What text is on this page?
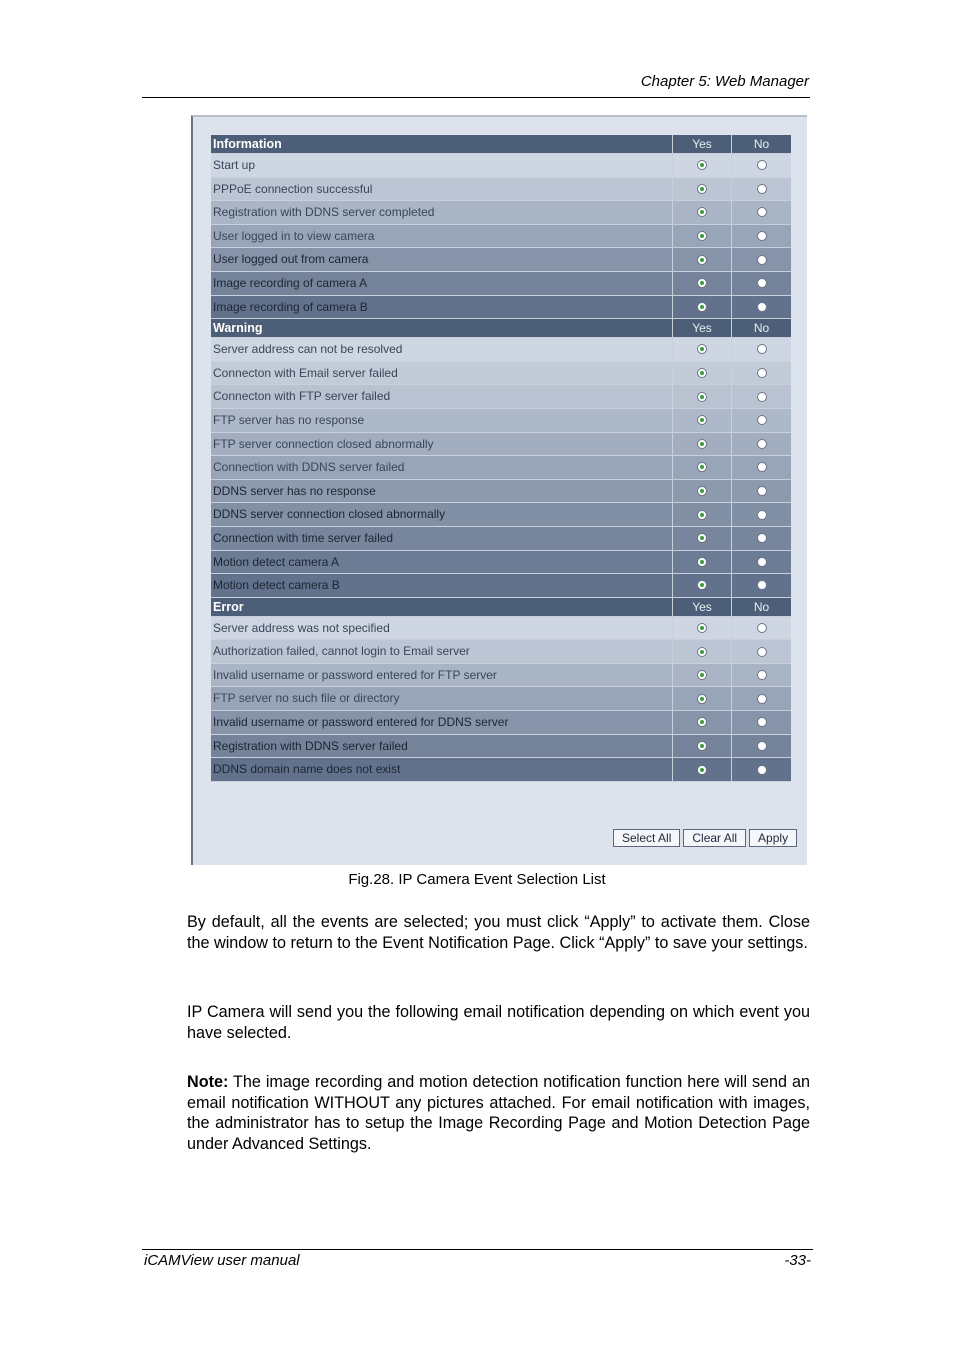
Chapter 5: Web Manager
Information	Yes	No
Start up
PPPoE connection successful
Registration with DDNS server completed
User logged in to view camera
User logged out from camera
Image recording of camera A
Image recording of camera B
Warning	Yes	No
Server address can not be resolved
Connecton with Email server failed
Connecton with FTP server failed
FTP server has no response
FTP server connection closed abnormally
Connection with DDNS server failed
DDNS server has no response
DDNS server connection closed abnormally
Connection with time server failed
Motion detect camera A
Motion detect camera B
Error	Yes	No
Server address was not specified
Authorization failed, cannot login to Email server
Invalid username or password entered for FTP server
FTP server no such file or directory
Invalid username or password entered for DDNS server
Registration with DDNS server failed
DDNS domain name does not exist
Select All	Clear All	Apply
Fig.28. IP Camera Event Selection List

By default, all the events are selected; you must click “Apply” to activate them. Close the window to return to the Event Notification Page. Click “Apply” to save your settings.

IP Camera will send you the following email notification depending on which event you have selected.

Note: The image recording and motion detection notification function here will send an email notification WITHOUT any pictures attached. For email notification with images, the administrator has to setup the Image Recording Page and Motion Detection Page under Advanced Settings.

iCAMView user manual	-33-
